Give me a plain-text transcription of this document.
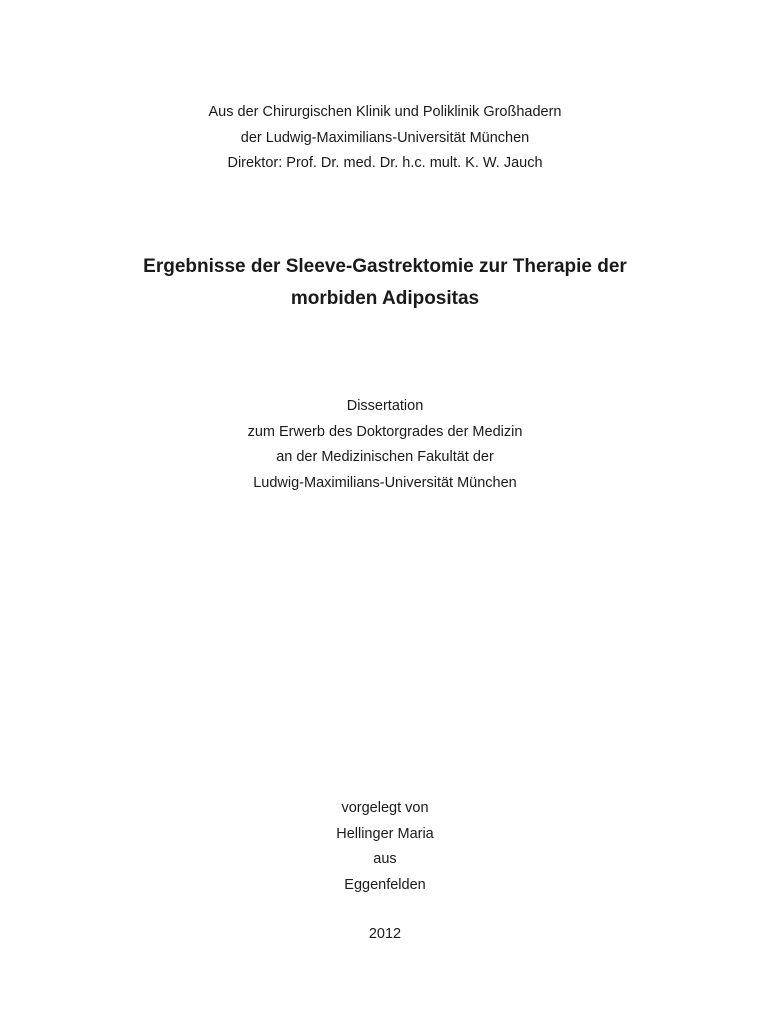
Aus der Chirurgischen Klinik und Poliklinik Großhadern
der Ludwig-Maximilians-Universität München
Direktor: Prof. Dr. med. Dr. h.c. mult. K. W. Jauch
Ergebnisse der Sleeve-Gastrektomie zur Therapie der
morbiden Adipositas
Dissertation
zum Erwerb des Doktorgrades der Medizin
an der Medizinischen Fakultät der
Ludwig-Maximilians-Universität München
vorgelegt von
Hellinger Maria
aus
Eggenfelden
2012
